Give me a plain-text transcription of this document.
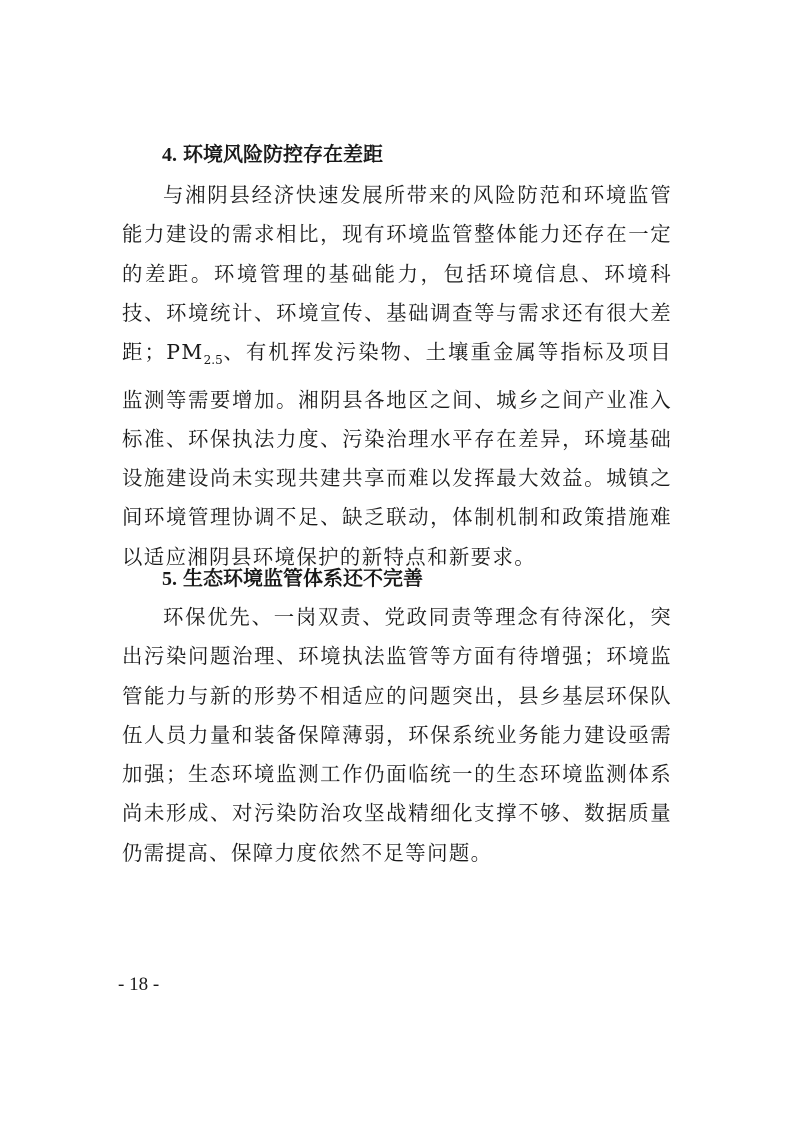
4. 环境风险防控存在差距

与湘阴县经济快速发展所带来的风险防范和环境监管能力建设的需求相比，现有环境监管整体能力还存在一定的差距。环境管理的基础能力，包括环境信息、环境科技、环境统计、环境宣传、基础调查等与需求还有很大差距；$PM_{2.5}$、有机挥发污染物、土壤重金属等指标及项目监测等需要增加。湘阴县各地区之间、城乡之间产业准入标准、环保执法力度、污染治理水平存在差异，环境基础设施建设尚未实现共建共享而难以发挥最大效益。城镇之间环境管理协调不足、缺乏联动，体制机制和政策措施难以适应湘阴县环境保护的新特点和新要求。

5. 生态环境监管体系还不完善

环保优先、一岗双责、党政同责等理念有待深化，突出污染问题治理、环境执法监管等方面有待增强；环境监管能力与新的形势不相适应的问题突出，县乡基层环保队伍人员力量和装备保障薄弱，环保系统业务能力建设亟需加强；生态环境监测工作仍面临统一的生态环境监测体系尚未形成、对污染防治攻坚战精细化支撑不够、数据质量仍需提高、保障力度依然不足等问题。

- 18 -
